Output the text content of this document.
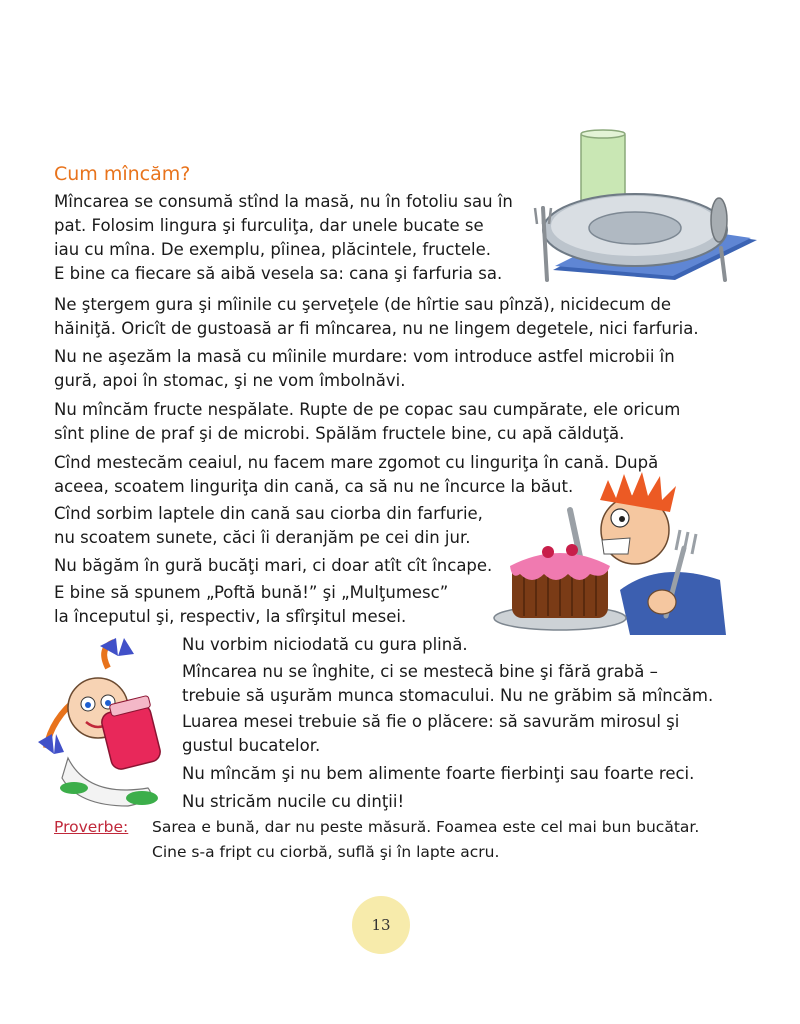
Cum mîncăm?
Mîncarea se consumă stînd la masă, nu în fotoliu sau în
pat. Folosim lingura şi furculiţa, dar unele bucate se
iau cu mîna. De exemplu, pîinea, plăcintele, fructele.
E bine ca fiecare să aibă vesela sa: cana şi farfuria sa.
Ne ştergem gura şi mîinile cu şerveţele (de hîrtie sau pînză), nicidecum de
hăiniţă. Oricît de gustoasă ar fi mîncarea, nu ne lingem degetele, nici farfuria.
Nu ne aşezăm la masă cu mîinile murdare: vom introduce astfel microbii în
gură, apoi în stomac, şi ne vom îmbolnăvi.
Nu mîncăm fructe nespălate. Rupte de pe copac sau cumpărate, ele oricum
sînt pline de praf şi de microbi. Spălăm fructele bine, cu apă călduţă.
Cînd mestecăm ceaiul, nu facem mare zgomot cu linguriţa în cană. După
aceea, scoatem linguriţa din cană, ca să nu ne încurce la băut.
Cînd sorbim laptele din cană sau ciorba din farfurie,
nu scoatem sunete, căci îi deranjăm pe cei din jur.
Nu băgăm în gură bucăţi mari, ci doar atît cît încape.
E bine să spunem „Poftă bună!” şi „Mulţumesc”
la începutul şi, respectiv, la sfîrşitul mesei.
Nu vorbim niciodată cu gura plină.
Mîncarea nu se înghite, ci se mestecă bine şi fără grabă –
trebuie să uşurăm munca stomacului. Nu ne grăbim să mîncăm.
Luarea mesei trebuie să fie o plăcere: să savurăm mirosul şi
gustul bucatelor.
Nu mîncăm şi nu bem alimente foarte fierbinţi sau foarte reci.
Nu stricăm nucile cu dinţii!
Proverbe: Sarea e bună, dar nu peste măsură. Foamea este cel mai bun bucătar.
Cine s-a fript cu ciorbă, suflă şi în lapte acru.
13
